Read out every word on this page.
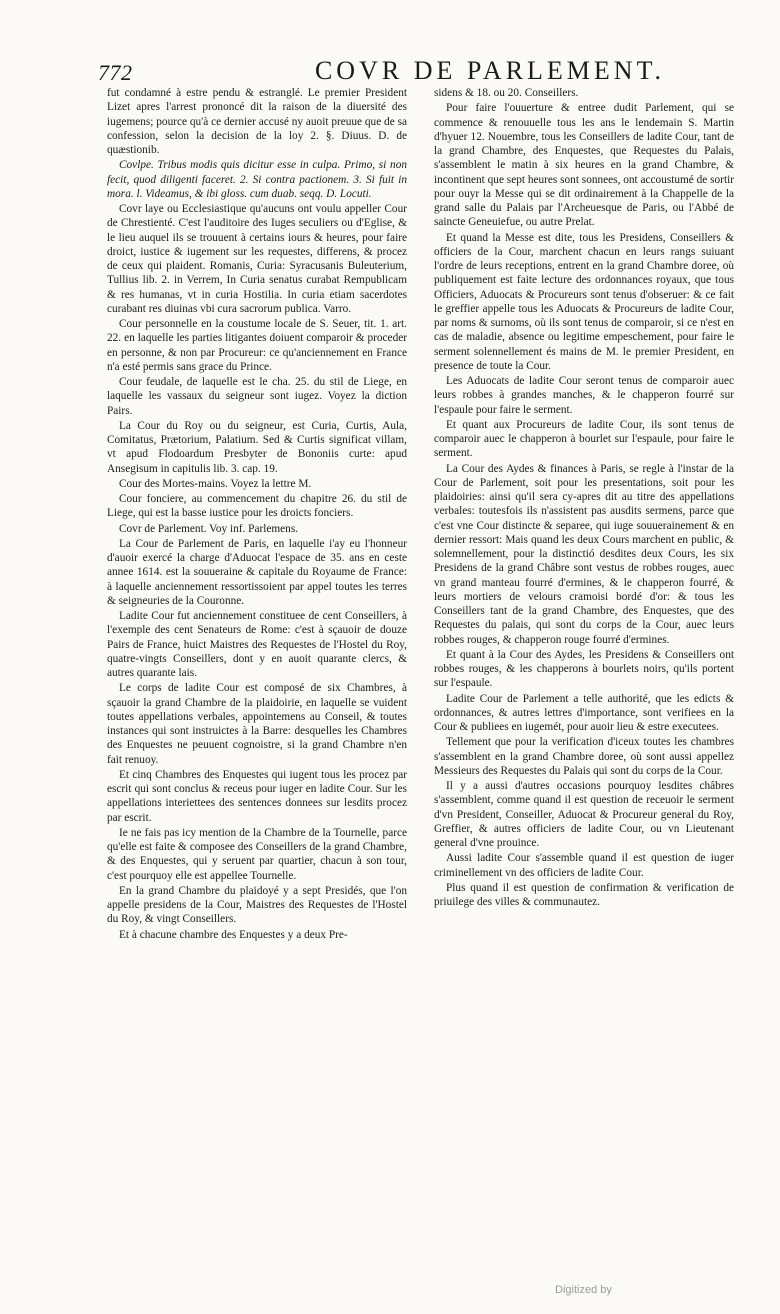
772	COVR DE PARLEMENT.

fut condamné à estre pendu & estranglé. Le premier President Lizet apres l'arrest prononcé dit la raison de la diuersité des iugemens; pource qu'à ce dernier accusé ny auoit preuue que de sa confession, selon la decision de la loy 2. §. Diuus. D. de quæstionib.

Covlpe. Tribus modis quis dicitur esse in culpa. Primo, si non fecit, quod diligenti faceret. 2. Si contra pactionem. 3. Si fuit in mora. l. Videamus, & ibi gloss. cum duab. seqq. D. Locuti.

Covr laye ou Ecclesiastique qu'aucuns ont voulu appeller Cour de Chrestienté. C'est l'auditoire des Iuges seculiers ou d'Eglise, & le lieu auquel ils se trouuent à certains iours & heures, pour faire droict, iustice & iugement sur les requestes, differens, & procez de ceux qui plaident. Romanis, Curia: Syracusanis Buleuterium, Tullius lib. 2. in Verrem, In Curia senatus curabat Rempublicam & res humanas, vt in curia Hostilia. In curia etiam sacerdotes curabant res diuinas vbi cura sacrorum publica. Varro.

Cour personnelle en la coustume locale de S. Seuer, tit. 1. art. 22. en laquelle les parties litigantes doiuent comparoir & proceder en personne, & non par Procureur: ce qu'anciennement en France n'a esté permis sans grace du Prince.

Cour feudale, de laquelle est le cha. 25. du stil de Liege, en laquelle les vassaux du seigneur sont iugez. Voyez la diction Pairs.

La Cour du Roy ou du seigneur, est Curia, Curtis, Aula, Comitatus, Prætorium, Palatium. Sed & Curtis significat villam, vt apud Flodoardum Presbyter de Bononiis curte: apud Ansegisum in capitulis lib. 3. cap. 19.

Cour des Mortes-mains. Voyez la lettre M.

Cour fonciere, au commencement du chapitre 26. du stil de Liege, qui est la basse iustice pour les droicts fonciers.

Covr de Parlement. Voy inf. Parlemens.

La Cour de Parlement de Paris, en laquelle i'ay eu l'honneur d'auoir exercé la charge d'Aduocat l'espace de 35. ans en ceste annee 1614. est la souueraine & capitale du Royaume de France: à laquelle anciennement ressortissoient par appel toutes les terres & seigneuries de la Couronne.

Ladite Cour fut anciennement constituee de cent Conseillers, à l'exemple des cent Senateurs de Rome: c'est à sçauoir de douze Pairs de France, huict Maistres des Requestes de l'Hostel du Roy, quatre-vingts Conseillers, dont y en auoit quarante clercs, & autres quarante lais.

Le corps de ladite Cour est composé de six Chambres, à sçauoir la grand Chambre de la plaidoirie, en laquelle se vuident toutes appellations verbales, appointemens au Conseil, & toutes instances qui sont instruictes à la Barre: desquelles les Chambres des Enquestes ne peuuent cognoistre, si la grand Chambre n'en fait renuoy.

Et cinq Chambres des Enquestes qui iugent tous les procez par escrit qui sont conclus & receus pour iuger en ladite Cour. Sur les appellations interiettees des sentences donnees sur lesdits procez par escrit.

Ie ne fais pas icy mention de la Chambre de la Tournelle, parce qu'elle est faite & composee des Conseillers de la grand Chambre, & des Enquestes, qui y seruent par quartier, chacun à son tour, c'est pourquoy elle est appellee Tournelle.

En la grand Chambre du plaidoyé y a sept Presidés, que l'on appelle presidens de la Cour, Maistres des Requestes de l'Hostel du Roy, & vingt Conseillers.

Et à chacune chambre des Enquestes y a deux Pre-

sidens & 18. ou 20. Conseillers.

Pour faire l'ouuerture & entree dudit Parlement, qui se commence & renouuelle tous les ans le lendemain S. Martin d'hyuer 12. Nouembre, tous les Conseillers de ladite Cour, tant de la grand Chambre, des Enquestes, que Requestes du Palais, s'assemblent le matin à six heures en la grand Chambre, & incontinent que sept heures sont sonnees, ont accoustumé de sortir pour ouyr la Messe qui se dit ordinairement à la Chappelle de la grand salle du Palais par l'Archeuesque de Paris, ou l'Abbé de saincte Geneuiefue, ou autre Prelat.

Et quand la Messe est dite, tous les Presidens, Conseillers & officiers de la Cour, marchent chacun en leurs rangs suiuant l'ordre de leurs receptions, entrent en la grand Chambre doree, où publiquement est faite lecture des ordonnances royaux, que tous Officiers, Aduocats & Procureurs sont tenus d'obseruer: & ce fait le greffier appelle tous les Aduocats & Procureurs de ladite Cour, par noms & surnoms, où ils sont tenus de comparoir, si ce n'est en cas de maladie, absence ou legitime empeschement, pour faire le serment solennellement és mains de M. le premier President, en presence de toute la Cour.

Les Aduocats de ladite Cour seront tenus de comparoir auec leurs robbes à grandes manches, & le chapperon fourré sur l'espaule pour faire le serment.

Et quant aux Procureurs de ladite Cour, ils sont tenus de comparoir auec le chapperon à bourlet sur l'espaule, pour faire le serment.

La Cour des Aydes & finances à Paris, se regle à l'instar de la Cour de Parlement, soit pour les presentations, soit pour les plaidoiries: ainsi qu'il sera cy-apres dit au titre des appellations verbales: toutesfois ils n'assistent pas ausdits sermens, parce que c'est vne Cour distincte & separee, qui iuge souuerainement & en dernier ressort: Mais quand les deux Cours marchent en public, & solemnellement, pour la distinctió desdites deux Cours, les six Presidens de la grand Châbre sont vestus de robbes rouges, auec vn grand manteau fourré d'ermines, & le chapperon fourré, & leurs mortiers de velours cramoisi bordé d'or: & tous les Conseillers tant de la grand Chambre, des Enquestes, que des Requestes du palais, qui sont du corps de la Cour, auec leurs robbes rouges, & chapperon rouge fourré d'ermines.

Et quant à la Cour des Aydes, les Presidens & Conseillers ont robbes rouges, & les chapperons à bourlets noirs, qu'ils portent sur l'espaule.

Ladite Cour de Parlement a telle authorité, que les edicts & ordonnances, & autres lettres d'importance, sont verifiees en la Cour & publiees en iugemét, pour auoir lieu & estre executees.

Tellement que pour la verification d'iceux toutes les chambres s'assemblent en la grand Chambre doree, où sont aussi appellez Messieurs des Requestes du Palais qui sont du corps de la Cour.

Il y a aussi d'autres occasions pourquoy lesdites châbres s'assemblent, comme quand il est question de receuoir le serment d'vn President, Conseiller, Aduocat & Procureur general du Roy, Greffier, & autres officiers de ladite Cour, ou vn Lieutenant general d'vne prouince.

Aussi ladite Cour s'assemble quand il est question de iuger criminellement vn des officiers de ladite Cour.

Plus quand il est question de confirmation & verification de priuilege des villes & communautez.

Digitized by
